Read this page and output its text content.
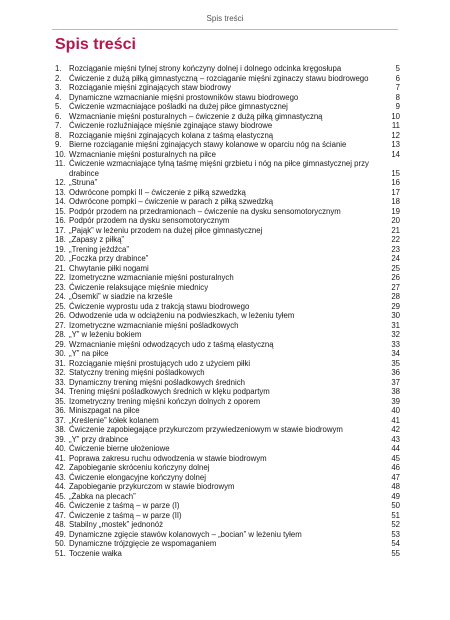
Spis treści
Spis treści
1. Rozciąganie mięśni tylnej strony kończyny dolnej i dolnego odcinka kręgosłupa	5
2. Ćwiczenie z dużą piłką gimnastyczną – rozciąganie mięśni zginaczy stawu biodrowego	6
3. Rozciąganie mięśni zginających staw biodrowy	7
4. Dynamiczne wzmacnianie mięśni prostowników stawu biodrowego	8
5. Ćwiczenie wzmacniające pośladki na dużej piłce gimnastycznej	9
6. Wzmacnianie mięśni posturalnych – ćwiczenie z dużą piłką gimnastyczną	10
7. Ćwiczenie rozluźniające mięśnie zginające stawy biodrowe	11
8. Rozciąganie mięśni zginających kolana z taśmą elastyczną	12
9. Bierne rozciąganie mięśni zginających stawy kolanowe w oparciu nóg na ścianie	13
10. Wzmacnianie mięśni posturalnych na piłce	14
11. Ćwiczenie wzmacniające tylną taśmę mięśni grzbietu i nóg na piłce gimnastycznej przy drabince	15
12. „Struna”	16
13. Odwrócone pompki II – ćwiczenie z piłką szwedzką	17
14. Odwrócone pompki – ćwiczenie w parach z piłką szwedzką	18
15. Podpór przodem na przedramionach – ćwiczenie na dysku sensomotorycznym	19
16. Podpór przodem na dysku sensomotorycznym	20
17. „Pająk” w leżeniu przodem na dużej piłce gimnastycznej	21
18. „Zapasy z piłką”	22
19. „Trening jeźdźca”	23
20. „Foczka przy drabince”	24
21. Chwytanie piłki nogami	25
22. Izometryczne wzmacnianie mięśni posturalnych	26
23. Ćwiczenie relaksujące mięśnie miednicy	27
24. „Ósemki” w siadzie na krześle	28
25. Ćwiczenie wyprostu uda z trakcją stawu biodrowego	29
26. Odwodzenie uda w odciążeniu na podwieszkach, w leżeniu tyłem	30
27. Izometryczne wzmacnianie mięśni pośladkowych	31
28. „Y” w leżeniu bokiem	32
29. Wzmacnianie mięśni odwodzących udo z taśmą elastyczną	33
30. „Y” na piłce	34
31. Rozciąganie mięśni prostujących udo z użyciem piłki	35
32. Statyczny trening mięśni pośladkowych	36
33. Dynamiczny trening mięśni pośladkowych średnich	37
34. Trening mięśni pośladkowych średnich w klęku podpartym	38
35. Izometryczny trening mięśni kończyn dolnych z oporem	39
36. Miniszpagat na piłce	40
37. „Kreślenie” kółek kolanem	41
38. Ćwiczenie zapobiegające przykurczom przywiedzeniowym w stawie biodrowym	42
39. „Y” przy drabince	43
40. Ćwiczenie bierne ułożeniowe	44
41. Poprawa zakresu ruchu odwodzenia w stawie biodrowym	45
42. Zapobieganie skróceniu kończyny dolnej	46
43. Ćwiczenie elongacyjne kończyny dolnej	47
44. Zapobieganie przykurczom w stawie biodrowym	48
45. „Żabka na plecach”	49
46. Ćwiczenie z taśmą – w parze (I)	50
47. Ćwiczenie z taśmą – w parze (II)	51
48. Stabilny „mostek” jednonóż	52
49. Dynamiczne zgięcie stawów kolanowych – „bocian” w leżeniu tyłem	53
50. Dynamiczne trójzgięcie ze wspomaganiem	54
51. Toczenie wałka	55
